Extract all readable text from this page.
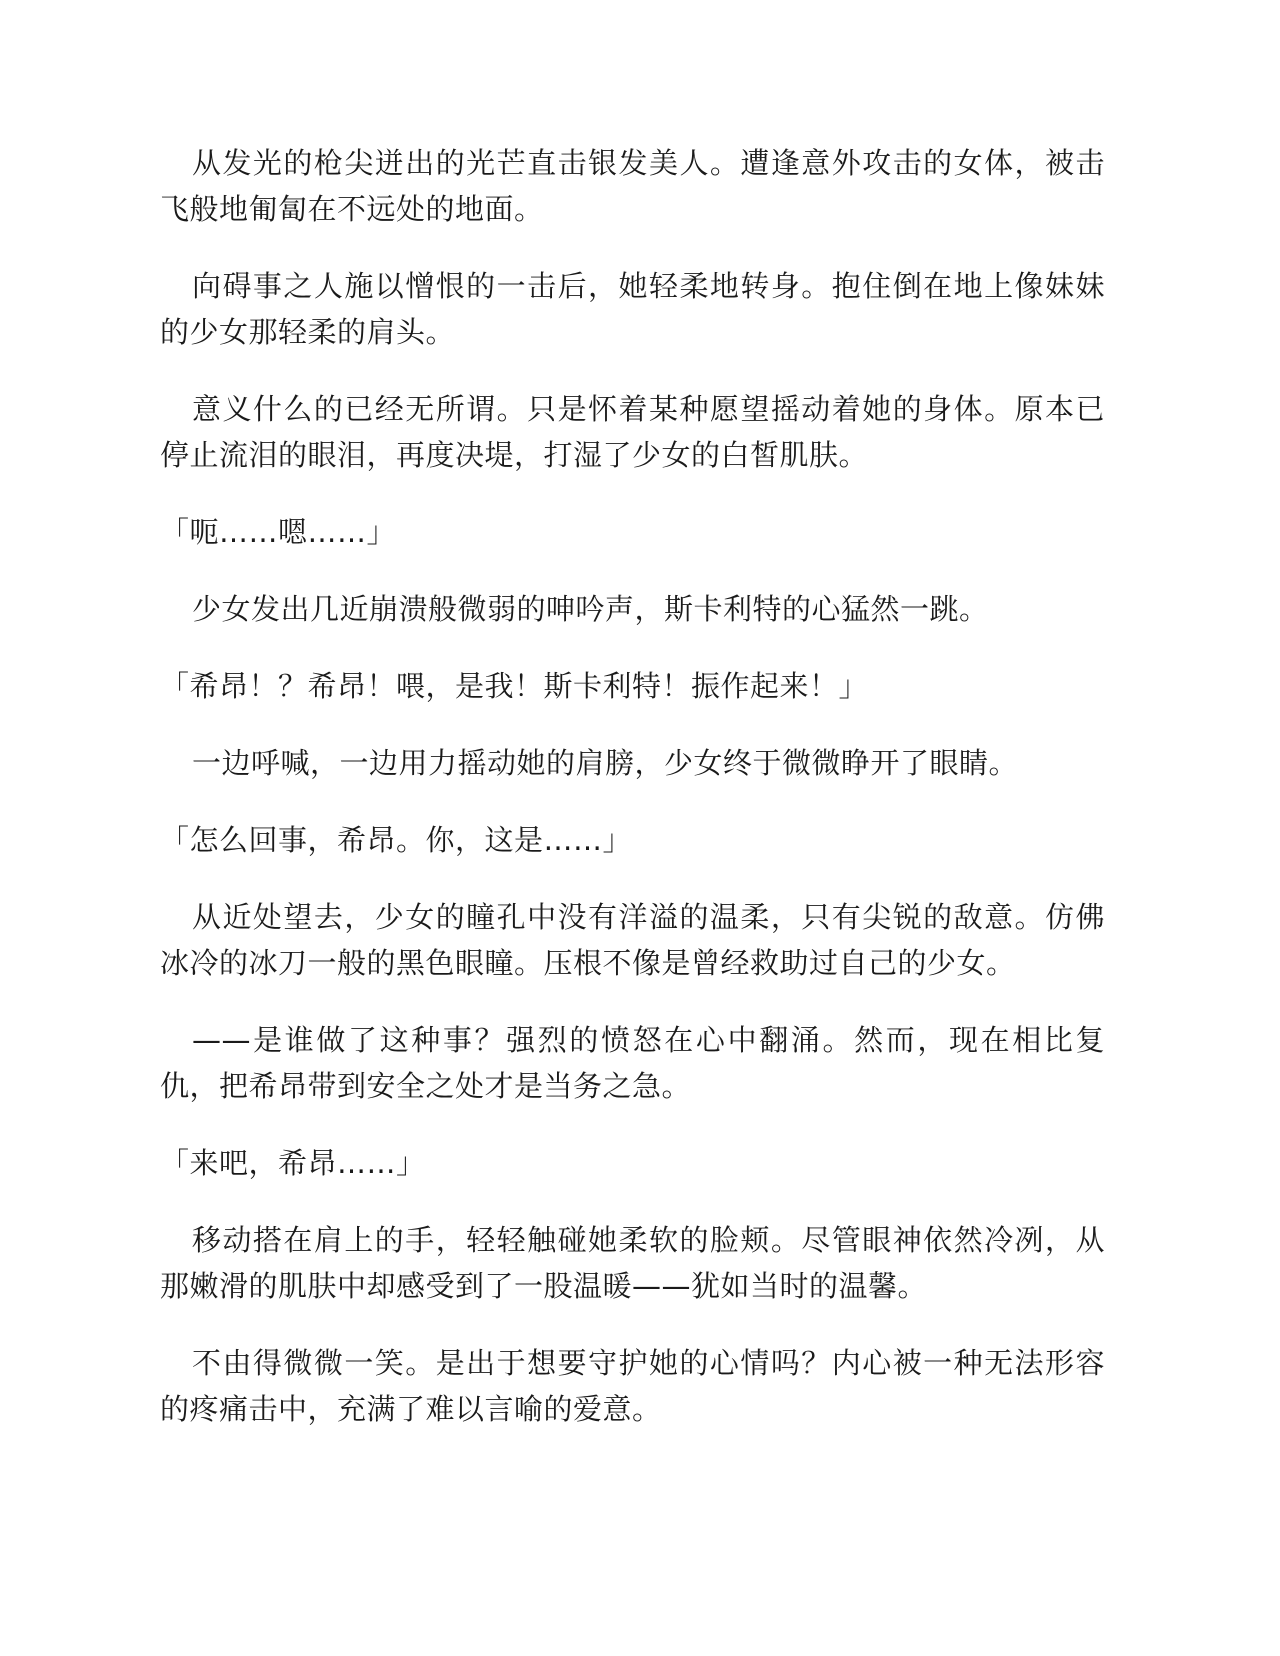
从发光的枪尖迸出的光芒直击银发美人。遭逢意外攻击的女体，被击飞般地匍匐在不远处的地面。

向碍事之人施以憎恨的一击后，她轻柔地转身。抱住倒在地上像妹妹的少女那轻柔的肩头。

意义什么的已经无所谓。只是怀着某种愿望摇动着她的身体。原本已停止流泪的眼泪，再度决堤，打湿了少女的白皙肌肤。

「呃……嗯……」

少女发出几近崩溃般微弱的呻吟声，斯卡利特的心猛然一跳。

「希昂！？希昂！喂，是我！斯卡利特！振作起来！」

一边呼喊，一边用力摇动她的肩膀，少女终于微微睁开了眼睛。

「怎么回事，希昂。你，这是……」

从近处望去，少女的瞳孔中没有洋溢的温柔，只有尖锐的敌意。仿佛冰冷的冰刀一般的黑色眼瞳。压根不像是曾经救助过自己的少女。

——是谁做了这种事？强烈的愤怒在心中翻涌。然而，现在相比复仇，把希昂带到安全之处才是当务之急。

「来吧，希昂……」

移动搭在肩上的手，轻轻触碰她柔软的脸颊。尽管眼神依然冷冽，从那嫩滑的肌肤中却感受到了一股温暖——犹如当时的温馨。

不由得微微一笑。是出于想要守护她的心情吗？内心被一种无法形容的疼痛击中，充满了难以言喻的爱意。
